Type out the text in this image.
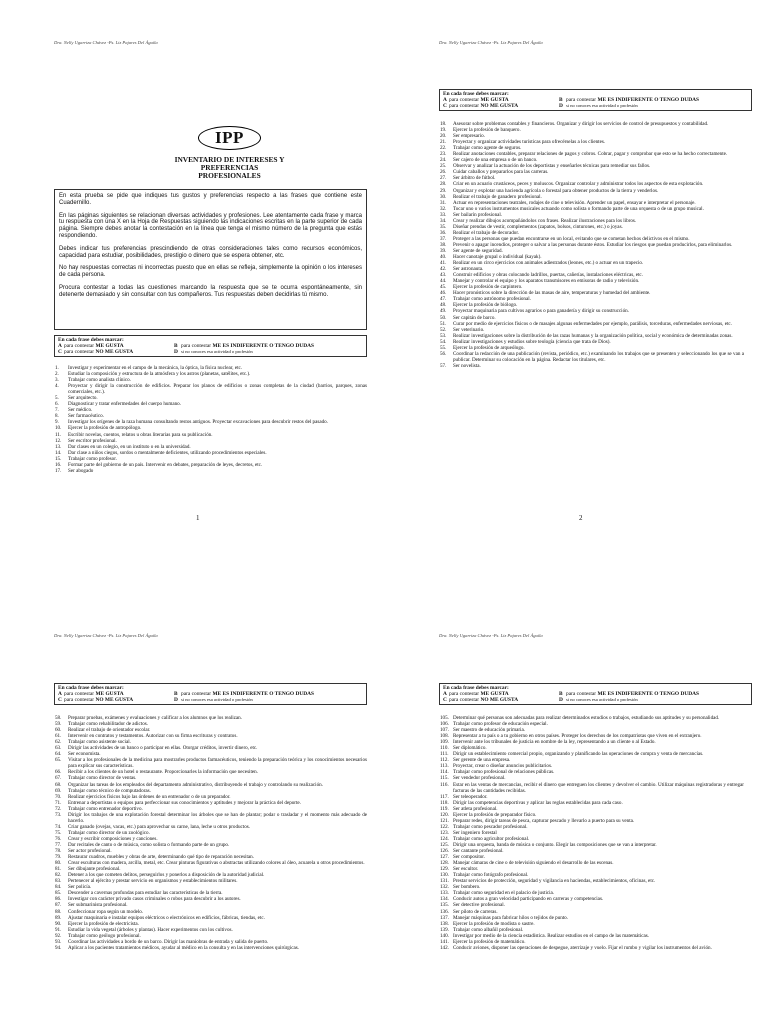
Dra. Nelly Ugarriza Chávez -Ps. Liz Pajares Del Águila
IPP
INVENTARIO DE INTERESES Y
PREFERENCIAS PROFESIONALES

En esta prueba se pide que indiques tus gustos y preferencias respecto a las frases que contiene este Cuadernillo.

En las páginas siguientes se relacionan diversas actividades y profesiones. Lee atentamente cada frase y marca tu respuesta con una X en la Hoja de Respuestas siguiendo las indicaciones escritas en la parte superior de cada página. Siempre debes anotar la contestación en la línea que tenga el mismo número de la pregunta que estás respondiendo.

Debes indicar tus preferencias prescindiendo de otras consideraciones tales como recursos económicos, capacidad para estudiar, posibilidades, prestigio o dinero que se espera obtener, etc.

No hay respuestas correctas ni incorrectas puesto que en ellas se refleja, simplemente la opinión o los intereses de cada persona.

Procura contestar a todas las cuestiones marcando la respuesta que se te ocurra espontáneamente, sin detenerte demasiado y sin consultar con tus compañeros. Tus respuestas deben decidirlas tú mismo.

En cada frase debes marcar:
A para contestar ME GUSTA	B para contestar ME ES INDIFERENTE O TENGO DUDAS
C para contestar NO ME GUSTA	D si no conoces esa actividad o profesión
1. Investigar y experimentar en el campo de la mecánica, la óptica, la física nuclear, etc.
2. Estudiar la composición y estructura de la atmósfera y los astros (planetas, satélites, etc.).
3. Trabajar como analista clínico.
4. Proyectar y dirigir la construcción de edificios. Preparar los planos de edificios o zonas completas de la ciudad (barrios, parques, zonas comerciales, etc.).
5. Ser arquitecto.
6. Diagnosticar y tratar enfermedades del cuerpo humano.
7. Ser médico.
8. Ser farmacéutico.
9. Investigar los orígenes de la raza humana consultando restos antiguos. Proyectar excavaciones para descubrir restos del pasado.
10. Ejercer la profesión de antropólogo.
11. Escribir novelas, cuentos, relatos u obras literarias para su publicación.
12. Ser escritor profesional.
13. Dar clases en un colegio, en un instituto o en la universidad.
14. Dar clase a niños ciegos, sordos o mentalmente deficientes, utilizando procedimientos especiales.
15. Trabajar como profesor.
16. Formar parte del gobierno de un país. Intervenir en debates, preparación de leyes, decretos, etc.
17. Ser abogado
1
Dra. Nelly Ugarriza Chávez -Ps. Liz Pajares Del Águila
En cada frase debes marcar:
A para contestar ME GUSTA	B para contestar ME ES INDIFERENTE O TENGO DUDAS
C para contestar NO ME GUSTA	D si no conoces esa actividad o profesión
18. Asesorar sobre problemas contables y financieros. Organizar y dirigir los servicios de control de presupuestos y contabilidad.
19. Ejercer la profesión de banquero.
20. Ser empresario.
21. Proyectar y organizar actividades turísticas para ofrecérselas a los clientes.
22. Trabajar como agente de seguros.
23. Realizar anotaciones contables, preparar relaciones de pagos y cobros. Cobrar, pagar y comprobar que esto se ha hecho correctamente.
24. Ser cajero de una empresa o de un banco.
25. Observar y analizar la actuación de los deportistas y enseñarles técnicas para remediar sus fallos.
26. Cuidar caballos y prepararlos para las carreras.
27. Ser árbitro de fútbol.
28. Criar en un acuario crustáceos, peces y moluscos. Organizar controlar y administrar todos los aspectos de esta explotación.
29. Organizar y explotar una hacienda agrícola o forestal para obtener productos de la tierra y venderlos.
30. Realizar el trabajo de ganadero profesional.
31. Actuar en representaciones teatrales, rodajes de cine o televisión. Aprender un papel, ensayar e interpretar el personaje.
32. Tocar uno o varios instrumentos musicales actuando como solista o formando parte de una orquesta o de un grupo musical.
33. Ser bailarín profesional.
34. Crear y realizar dibujos acompañándolos con frases. Realizar ilustraciones para los libros.
35. Diseñar prendas de vestir, complementos (zapatos, bolsos, cinturones, etc.) o joyas.
36. Realizar el trabajo de decorador.
37. Proteger a las personas que puedan encontrarse en un local, evitando que se cometan hechos delictivos en el mismo.
38. Prevenir o apagar incendios, proteger o salvar a las personas durante éstos. Estudiar los riesgos que puedan producirlos, para eliminarlos.
39. Ser agente de seguridad.
40. Hacer canotaje grupal o individual (kayak).
41. Realizar en un circo ejercicios con animales adiestrados (leones, etc.) o actuar en un trapecio.
42. Ser astronauta.
43. Construir edificios y obras colocando ladrillos, puertas, cañerías, instalaciones eléctricas, etc.
44. Manejar y controlar el equipo y los aparatos transmisores en emisoras de radio y televisión.
45. Ejercer la profesión de carpintero.
46. Hacer pronósticos sobre la dirección de las masas de aire, temperaturas y humedad del ambiente.
47. Trabajar como astrónomo profesional.
48. Ejercer la profesión de biólogo.
49. Proyectar maquinaria para cultivos agrarios o para ganadería y dirigir su construcción.
50. Ser capitán de barco.
51. Curar por medio de ejercicios físicos o de masajes algunas enfermedades por ejemplo, parálisis, torceduras, enfermedades nerviosas, etc.
52. Ser veterinario.
53. Realizar investigaciones sobre la distribución de las razas humanas y la organización política, social y económica de determinadas zonas.
54. Realizar investigaciones y estudios sobre teología (ciencia que trata de Dios).
55. Ejercer la profesión de arqueólogo.
56. Coordinar la redacción de una publicación (revista, periódico, etc.) examinando los trabajos que se presenten y seleccionando los que se van a publicar. Determinar su colocación en la página. Redactar los titulares, etc.
57. Ser novelista.
2
Dra. Nelly Ugarriza Chávez -Ps. Liz Pajares Del Águila
En cada frase debes marcar:
A para contestar ME GUSTA	B para contestar ME ES INDIFERENTE O TENGO DUDAS
C para contestar NO ME GUSTA	D si no conoces esa actividad o profesión
58. Preparar pruebas, exámenes y evaluaciones y calificar a los alumnos que los realizan.
59. Trabajar como rehabilitador de adictos.
60. Realizar el trabajo de orientador escolar.
61. Intervenir en contratos y testamentos. Autorizar con su firma escrituras y contratos.
62. Trabajar como asistente social.
63. Dirigir las actividades de un banco o participar en ellas. Otorgar créditos, invertir dinero, etc.
64. Ser economista.
65. Visitar a los profesionales de la medicina para mostrarles productos farmacéuticos, teniendo la preparación teórica y los conocimientos necesarios para explicar sus características.
66. Recibir a los clientes de un hotel o restaurante. Proporcionarles la información que necesiten.
67. Trabajar como director de ventas.
68. Organizar las tareas de los empleados del departamento administrativo, distribuyendo el trabajo y controlando su realización.
69. Trabajar como técnico de computadoras.
70. Realizar ejercicios físicos bajo las órdenes de un entrenador o de un preparador.
71. Entrenar a deportistas o equipos para perfeccionar sus conocimientos y aptitudes y mejorar la práctica del deporte.
72. Trabajar como entrenador deportivo.
73. Dirigir los trabajos de una explotación forestal determinar los árboles que se han de plantar; podar o trasladar y el momento más adecuado de hacerlo.
74. Criar ganado (ovejas, vacas, etc.) para aprovechar su carne, lana, leche u otros productos.
75. Trabajar como director de un zoológico.
76. Crear y escribir composiciones y canciones.
77. Dar recitales de canto o de música, como solista o formando parte de un grupo.
78. Ser actor profesional.
79. Restaurar cuadros, muebles y obras de arte, determinando qué tipo de reparación necesitan.
80. Crear esculturas con madera, arcilla, metal, etc. Crear pinturas figurativas o abstractas utilizando colores al óleo, acuarela u otros procedimientos.
81. Ser dibujante profesional.
82. Detener a los que cometen delitos, perseguirlos y ponerlos a disposición de la autoridad judicial.
83. Pertenecer al ejército y prestar servicio en organismos y establecimientos militares.
84. Ser policía.
85. Descender a cavernas profundas para estudiar las características de la tierra.
86. Investigar con carácter privado casos criminales o robos para descubrir a los autores.
87. Ser submarinista profesional.
88. Confeccionar ropa según un modelo.
89. Ajustar maquinaria e instalar equipos eléctricos o electrónicos en edificios, fábricas, tiendas, etc.
90. Ejercer la profesión de electricista.
91. Estudiar la vida vegetal (árboles y plantas). Hacer experimentos con los cultivos.
92. Trabajar como geólogo profesional.
93. Coordinar las actividades a bordo de un barco. Dirigir las maniobras de entrada y salida de puerto.
94. Aplicar a los pacientes tratamientos médicos, ayudar al médico en la consulta y en las intervenciones quirúrgicas.
Dra. Nelly Ugarriza Chávez -Ps. Liz Pajares Del Águila
En cada frase debes marcar:
A para contestar ME GUSTA	B para contestar ME ES INDIFERENTE O TENGO DUDAS
C para contestar NO ME GUSTA	D si no conoces esa actividad o profesión
105. Determinar qué personas son adecuadas para realizar determinados estudios o trabajos, estudiando sus aptitudes y su personalidad.
106. Trabajar como profesor de educación especial.
107. Ser maestro de educación primaria.
108. Representar a tu país o a tu gobierno en otros países. Proteger los derechos de los compatriotas que viven en el extranjero.
109. Intervenir ante los tribunales de justicia en nombre de la ley, representando a un cliente o al Estado.
110. Ser diplomático.
111. Dirigir un establecimiento comercial propio, organizando y planificando las operaciones de compra y venta de mercancías.
112. Ser gerente de una empresa.
113. Proyectar, crear o diseñar anuncios publicitarios.
114. Trabajar como profesional de relaciones públicas.
115. Ser vendedor profesional.
116. Estar en las ventas de mercancías, recibir el dinero que entreguen los clientes y devolver el cambio. Utilizar máquinas registradoras y entregar facturas de las cantidades recibidas.
117. Ser teleoperador.
118. Dirigir las competencias deportivas y aplicar las reglas establecidas para cada caso.
119. Ser atleta profesional.
120. Ejercer la profesión de preparador físico.
121. Preparar redes, dirigir tareas de pesca, capturar pescado y llevarlo a puerto para su venta.
122. Trabajar como pescador profesional.
123. Ser ingeniero forestal
124. Trabajar como agricultor profesional.
125. Dirigir una orquesta, banda de música o conjunto. Elegir las composiciones que se van a interpretar.
126. Ser cantante profesional.
127. Ser compositor.
128. Manejar cámaras de cine o de televisión siguiendo el desarrollo de las escenas.
129. Ser escultor.
130. Trabajar como fotógrafo profesional.
131. Prestar servicios de protección, seguridad y vigilancia en haciendas, establecimientos, oficinas, etc.
132. Ser bombero.
133. Trabajar como seguridad en el palacio de justicia.
134. Conducir autos a gran velocidad participando en carreras y competencias.
135. Ser detective profesional.
136. Ser piloto de carreras.
137. Manejar máquinas para fabricar hilos o tejidos de punto.
138. Ejercer la profesión de modista o sastre.
139. Trabajar como albañil profesional.
140. Investigar por medio de la ciencia estadística. Realizar estudios en el campo de las matemáticas.
141. Ejercer la profesión de matemático.
142. Conducir aviones, disponer las operaciones de despegue, aterrizaje y vuelo. Fijar el rumbo y vigilar los instrumentos del avión.
